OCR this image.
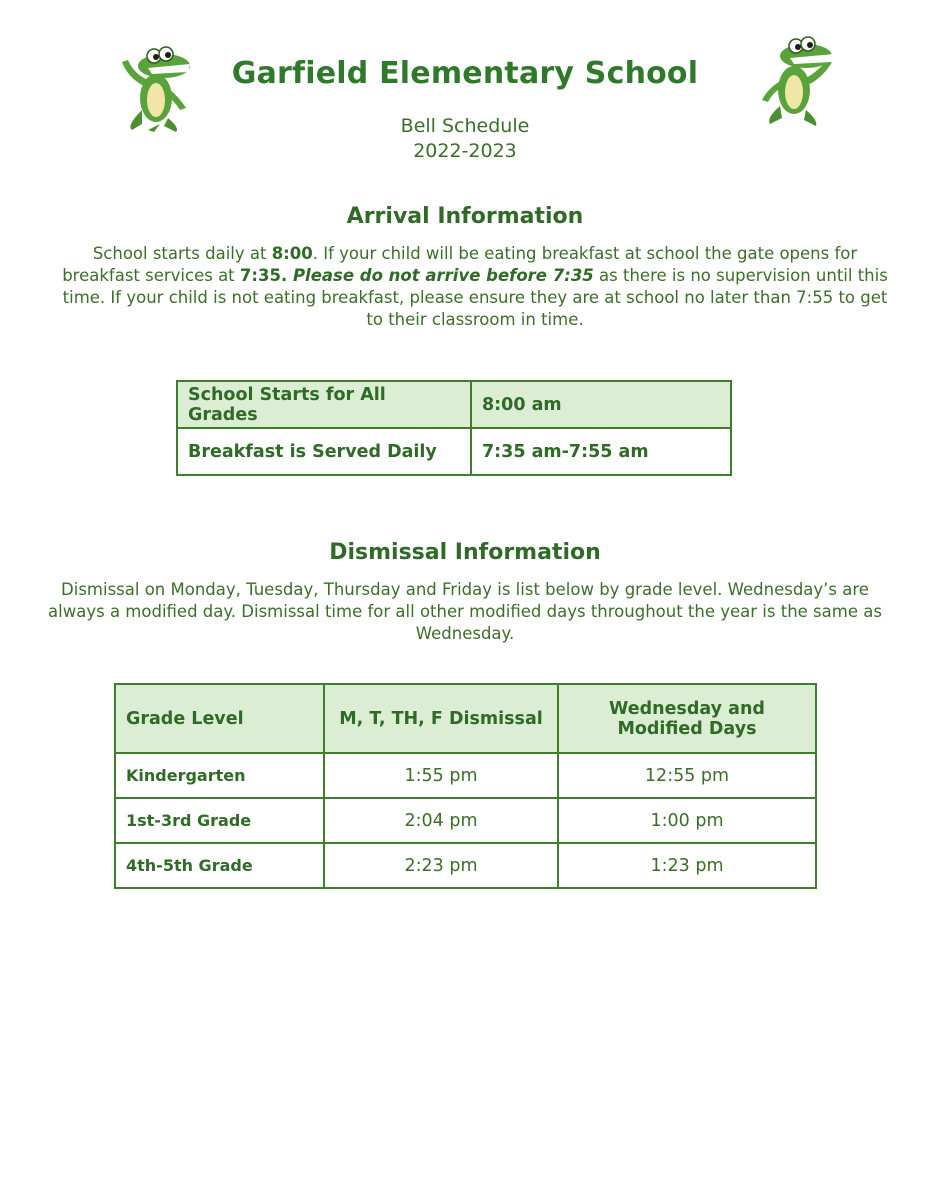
Garfield Elementary School
Bell Schedule
2022-2023
Arrival Information

School starts daily at 8:00. If your child will be eating breakfast at school the gate opens for breakfast services at 7:35. Please do not arrive before 7:35 as there is no supervision until this time. If your child is not eating breakfast, please ensure they are at school no later than 7:55 to get to their classroom in time.

School Starts for All Grades	8:00 am
Breakfast is Served Daily	7:35 am-7:55 am
Dismissal Information

Dismissal on Monday, Tuesday, Thursday and Friday is list below by grade level. Wednesday’s are always a modified day. Dismissal time for all other modified days throughout the year is the same as Wednesday.

Grade Level	M, T, TH, F Dismissal	Wednesday and Modified Days
Kindergarten	1:55 pm	12:55 pm
1st-3rd Grade	2:04 pm	1:00 pm
4th-5th Grade	2:23 pm	1:23 pm
